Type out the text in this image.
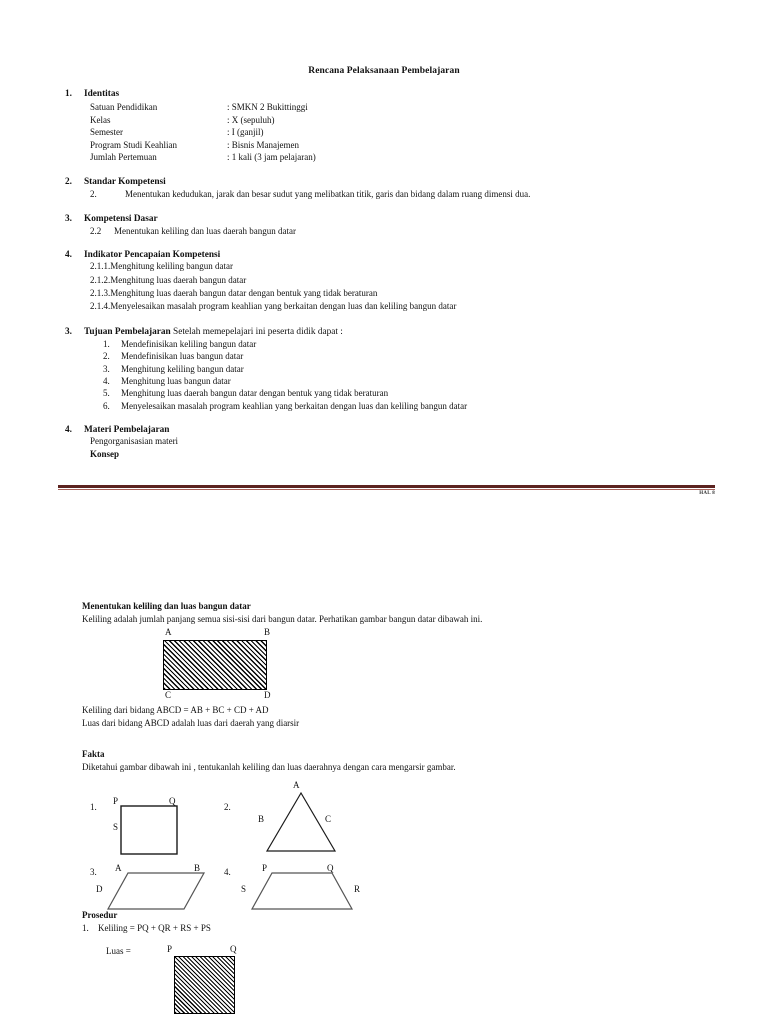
Rencana Pelaksanaan Pembelajaran
1. Identitas
Satuan Pendidikan	: SMKN 2 Bukittinggi
Kelas	: X (sepuluh)
Semester	: I (ganjil)
Program Studi Keahlian	: Bisnis Manajemen
Jumlah Pertemuan	: 1 kali (3 jam pelajaran)
2. Standar Kompetensi
2.	Menentukan kedudukan, jarak dan besar sudut yang melibatkan titik, garis dan bidang dalam ruang dimensi dua.
3. Kompetensi Dasar
2.2	Menentukan keliling dan luas daerah bangun datar
4. Indikator Pencapaian Kompetensi
2.1.1.Menghitung keliling bangun datar
2.1.2.Menghitung luas daerah bangun datar
2.1.3.Menghitung luas daerah bangun datar dengan bentuk yang tidak beraturan
2.1.4.Menyelesaikan masalah program keahlian yang berkaitan dengan luas dan keliling bangun datar
3. Tujuan Pembelajaran Setelah memepelajari ini peserta didik dapat :
1. Mendefinisikan keliling bangun datar
2. Mendefinisikan luas bangun datar
3. Menghitung keliling bangun datar
4. Menghitung luas bangun datar
5. Menghitung luas daerah bangun datar dengan bentuk yang tidak beraturan
6. Menyelesaikan masalah program keahlian yang berkaitan dengan luas dan keliling bangun datar
4. Materi Pembelajaran
Pengorganisasian materi
Konsep
HAL 8
Menentukan keliling dan luas bangun datar
Keliling adalah jumlah panjang semua sisi-sisi dari bangun datar. Perhatikan gambar bangun datar dibawah ini.
A	B
C	D
Keliling dari bidang ABCD = AB + BC + CD + AD
Luas dari bidang ABCD adalah luas dari daerah yang diarsir
Fakta
Diketahui gambar dibawah ini , tentukanlah keliling dan luas daerahnya dengan cara mengarsir gambar.
1.
P	Q
S
2.
A
B	C
3. A	B
D
4.	P	Q
S	R
Prosedur
1. Keliling = PQ + QR + RS + PS
Luas =	P	Q
